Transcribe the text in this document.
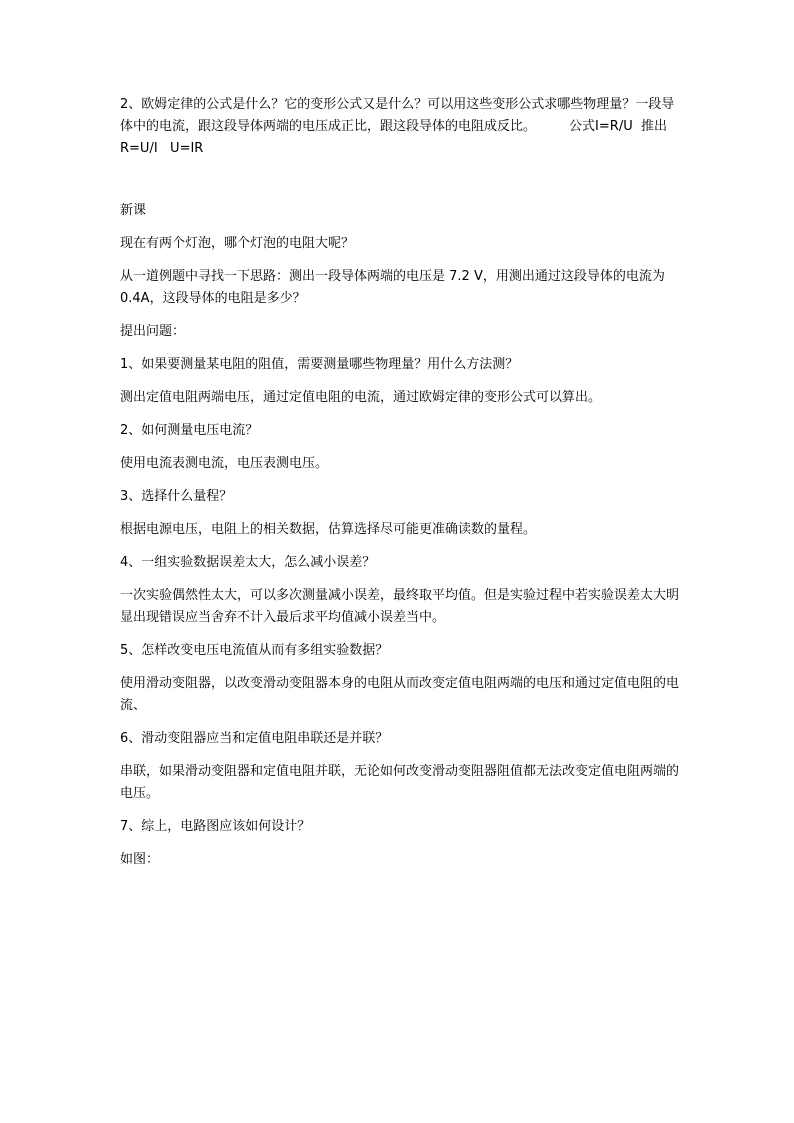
2、欧姆定律的公式是什么？它的变形公式又是什么？可以用这些变形公式求哪些物理量？一段导体中的电流，跟这段导体两端的电压成正比，跟这段导体的电阻成反比。        公式I=R/U  推出 R=U/I   U=IR

新课

现在有两个灯泡，哪个灯泡的电阻大呢？

从一道例题中寻找一下思路：测出一段导体两端的电压是 7.2 V，用测出通过这段导体的电流为 0.4A，这段导体的电阻是多少？

提出问题：

1、如果要测量某电阻的阻值，需要测量哪些物理量？用什么方法测？

测出定值电阻两端电压，通过定值电阻的电流，通过欧姆定律的变形公式可以算出。

2、如何测量电压电流？

使用电流表测电流，电压表测电压。

3、选择什么量程？

根据电源电压，电阻上的相关数据，估算选择尽可能更准确读数的量程。

4、一组实验数据误差太大，怎么减小误差？

一次实验偶然性太大，可以多次测量减小误差，最终取平均值。但是实验过程中若实验误差太大明显出现错误应当舍弃不计入最后求平均值减小误差当中。

5、怎样改变电压电流值从而有多组实验数据？

使用滑动变阻器，以改变滑动变阻器本身的电阻从而改变定值电阻两端的电压和通过定值电阻的电流、

6、滑动变阻器应当和定值电阻串联还是并联？

串联，如果滑动变阻器和定值电阻并联，无论如何改变滑动变阻器阻值都无法改变定值电阻两端的电压。

7、综上，电路图应该如何设计？

如图：
